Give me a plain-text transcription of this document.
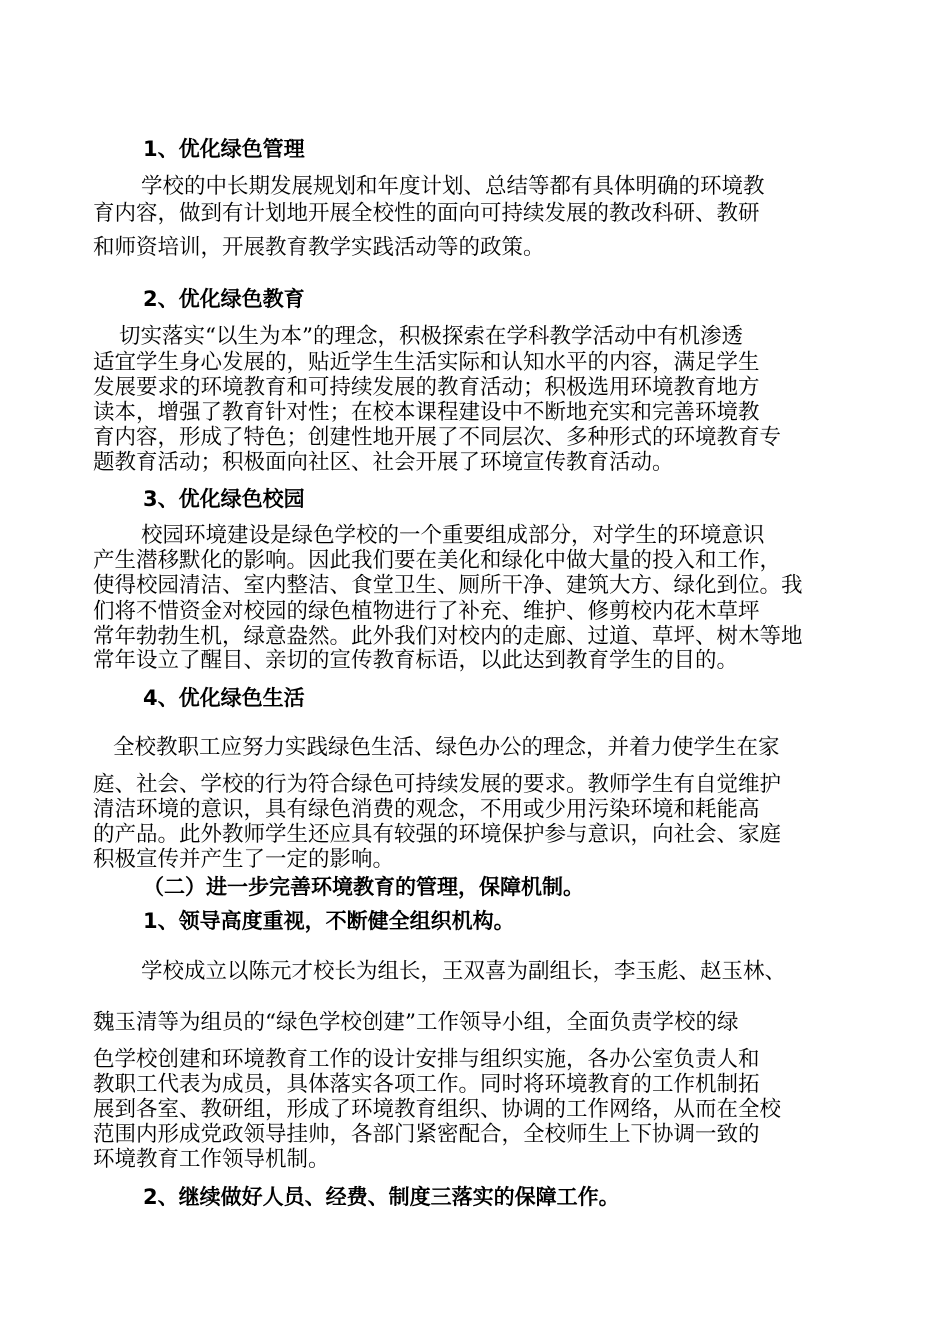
1、优化绿色管理
学校的中长期发展规划和年度计划、总结等都有具体明确的环境教
育内容，做到有计划地开展全校性的面向可持续发展的教改科研、教研
和师资培训，开展教育教学实践活动等的政策。
2、优化绿色教育
切实落实“以生为本”的理念，积极探索在学科教学活动中有机渗透
适宜学生身心发展的，贴近学生生活实际和认知水平的内容，满足学生
发展要求的环境教育和可持续发展的教育活动；积极选用环境教育地方
读本，增强了教育针对性；在校本课程建设中不断地充实和完善环境教
育内容，形成了特色；创建性地开展了不同层次、多种形式的环境教育专
题教育活动；积极面向社区、社会开展了环境宣传教育活动。
3、优化绿色校园
校园环境建设是绿色学校的一个重要组成部分，对学生的环境意识
产生潜移默化的影响。因此我们要在美化和绿化中做大量的投入和工作，
使得校园清洁、室内整洁、食堂卫生、厕所干净、建筑大方、绿化到位。我
们将不惜资金对校园的绿色植物进行了补充、维护、修剪校内花木草坪
常年勃勃生机，绿意盎然。此外我们对校内的走廊、过道、草坪、树木等地
常年设立了醒目、亲切的宣传教育标语，以此达到教育学生的目的。
4、优化绿色生活
全校教职工应努力实践绿色生活、绿色办公的理念，并着力使学生在家
庭、社会、学校的行为符合绿色可持续发展的要求。教师学生有自觉维护
清洁环境的意识，具有绿色消费的观念，不用或少用污染环境和耗能高
的产品。此外教师学生还应具有较强的环境保护参与意识，向社会、家庭
积极宣传并产生了一定的影响。
（二）进一步完善环境教育的管理，保障机制。
1、领导高度重视，不断健全组织机构。
学校成立以陈元才校长为组长，王双喜为副组长，李玉彪、赵玉林、
魏玉清等为组员的“绿色学校创建”工作领导小组，全面负责学校的绿
色学校创建和环境教育工作的设计安排与组织实施，各办公室负责人和
教职工代表为成员，具体落实各项工作。同时将环境教育的工作机制拓
展到各室、教研组，形成了环境教育组织、协调的工作网络，从而在全校
范围内形成党政领导挂帅，各部门紧密配合，全校师生上下协调一致的
环境教育工作领导机制。
2、继续做好人员、经费、制度三落实的保障工作。
